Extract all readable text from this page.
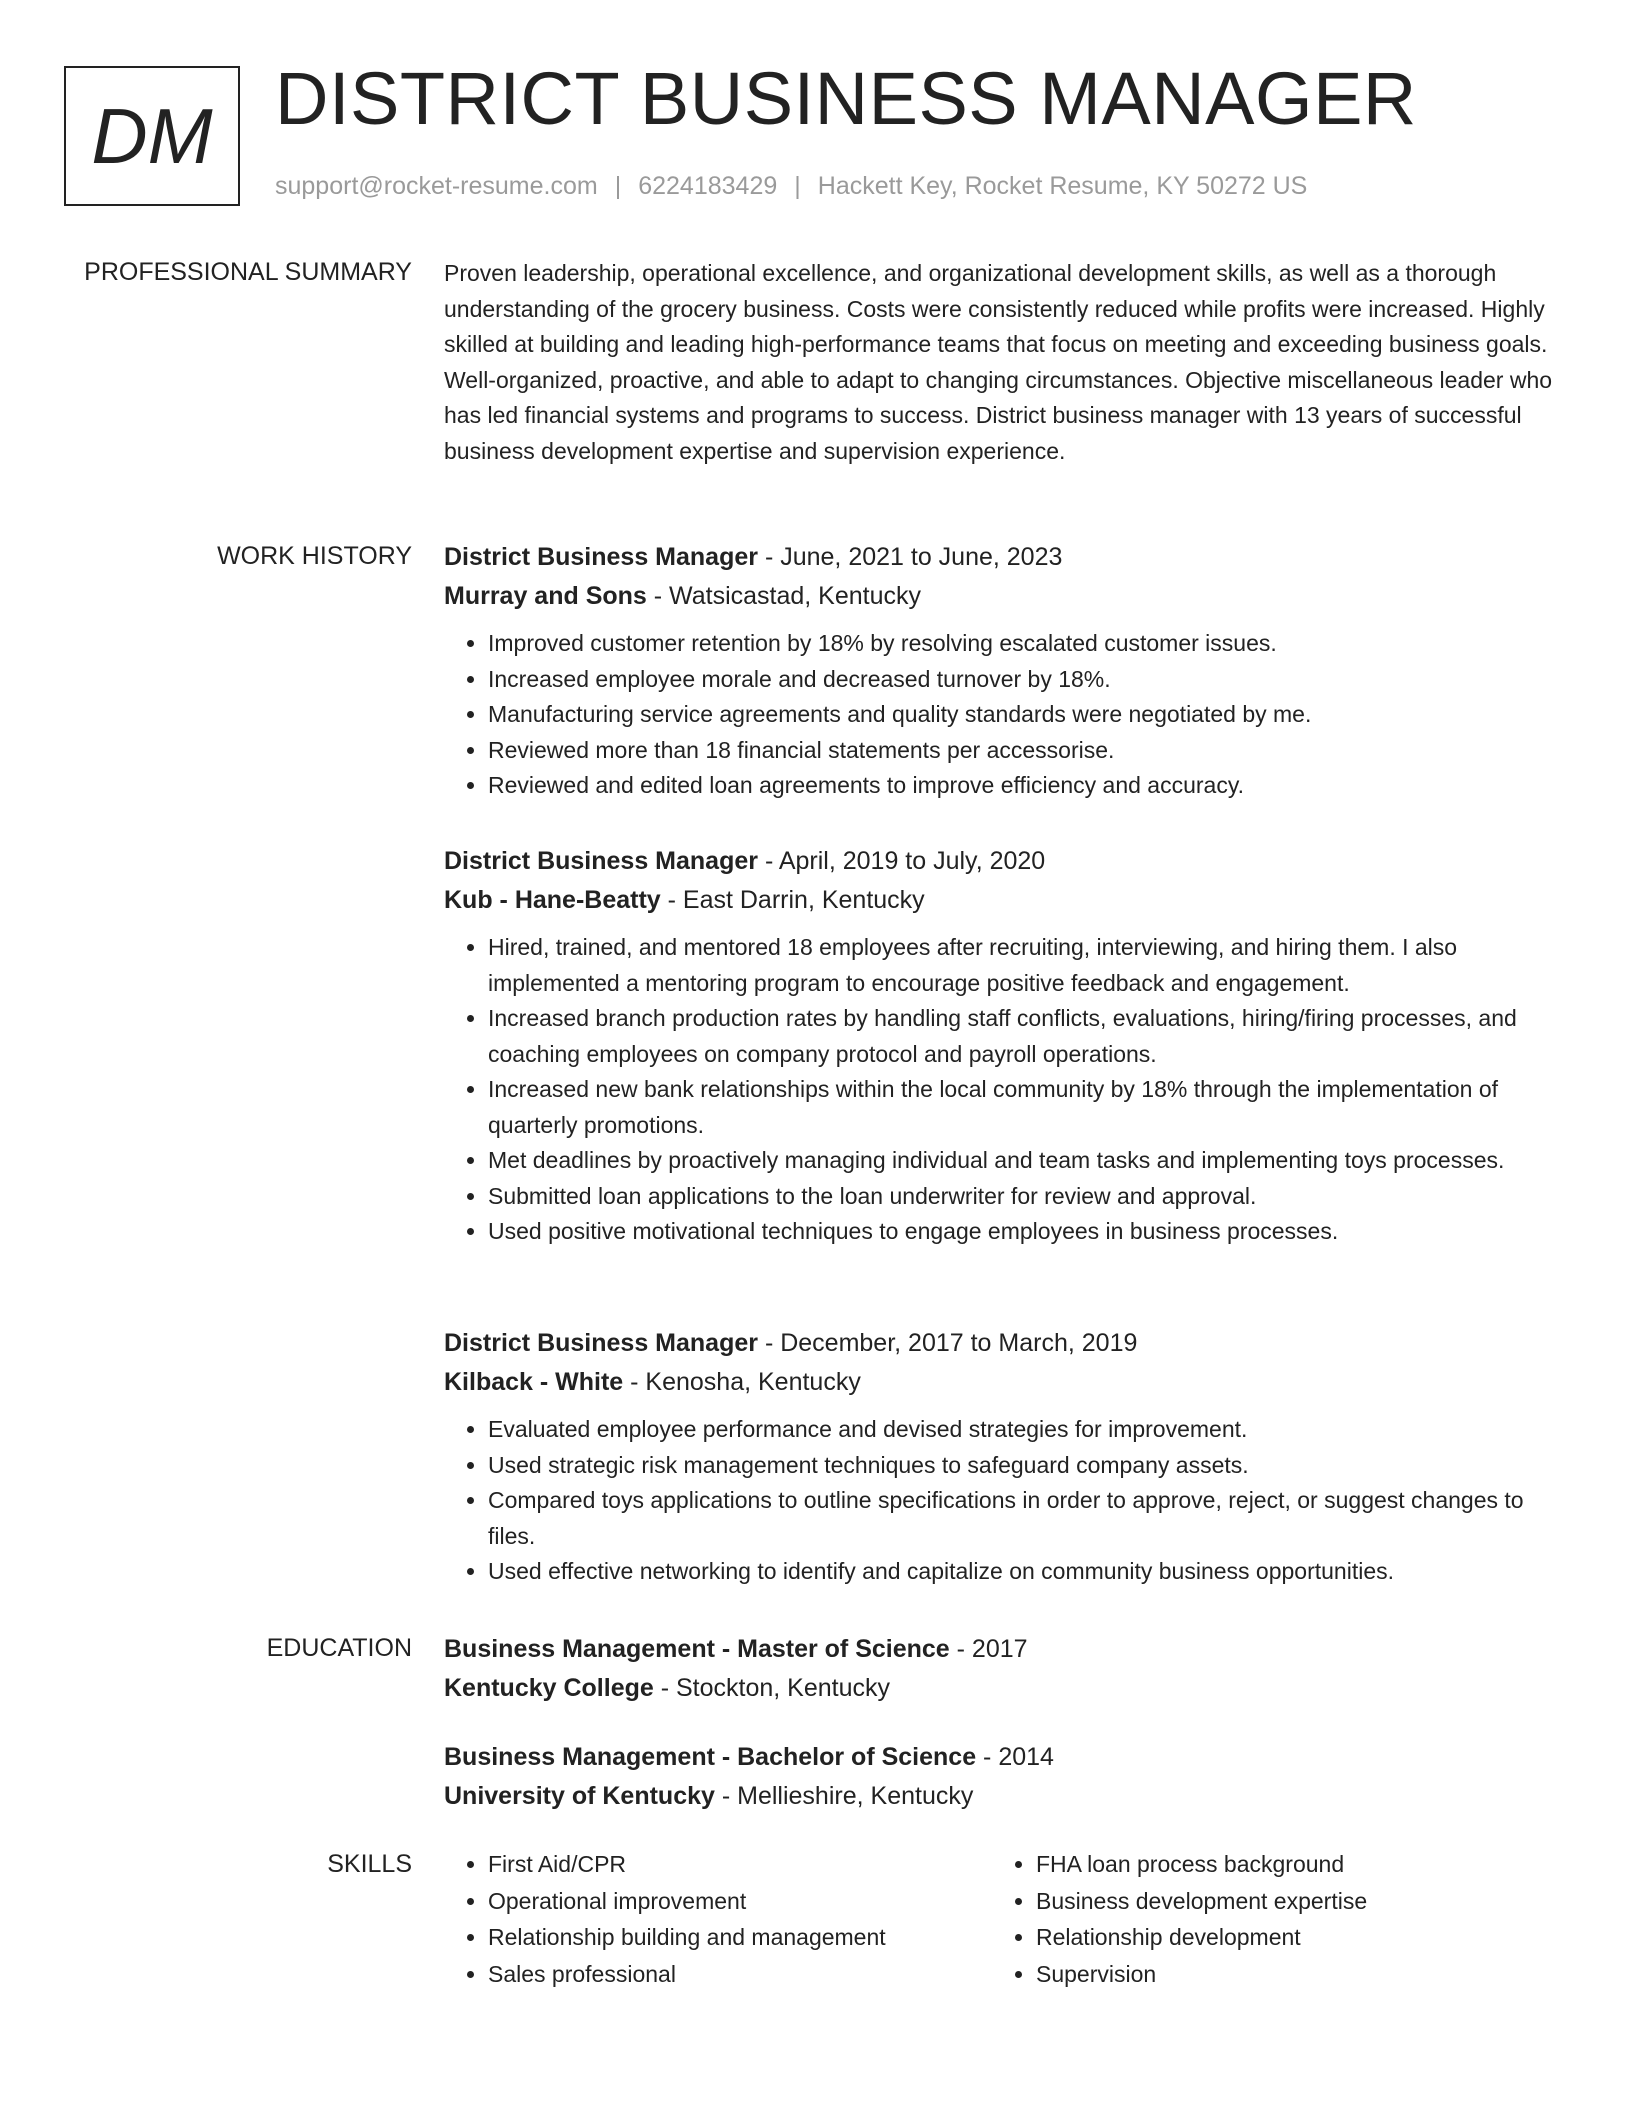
DM DISTRICT BUSINESS MANAGER
support@rocket-resume.com | 6224183429 | Hackett Key, Rocket Resume, KY 50272 US
PROFESSIONAL SUMMARY Proven leadership, operational excellence, and organizational development skills, as well as a thorough understanding of the grocery business. Costs were consistently reduced while profits were increased. Highly skilled at building and leading high-performance teams that focus on meeting and exceeding business goals. Well-organized, proactive, and able to adapt to changing circumstances. Objective miscellaneous leader who has led financial systems and programs to success. District business manager with 13 years of successful business development expertise and supervision experience.

WORK HISTORY District Business Manager - June, 2021 to June, 2023

Murray and Sons - Watsicastad, Kentucky

• Improved customer retention by 18% by resolving escalated customer issues.
• Increased employee morale and decreased turnover by 18%.
• Manufacturing service agreements and quality standards were negotiated by me.
• Reviewed more than 18 financial statements per accessorise.
• Reviewed and edited loan agreements to improve efficiency and accuracy.

District Business Manager - April, 2019 to July, 2020

Kub - Hane-Beatty - East Darrin, Kentucky

• Hired, trained, and mentored 18 employees after recruiting, interviewing, and hiring them. I also implemented a mentoring program to encourage positive feedback and engagement.
• Increased branch production rates by handling staff conflicts, evaluations, hiring/firing processes, and coaching employees on company protocol and payroll operations.
• Increased new bank relationships within the local community by 18% through the implementation of quarterly promotions.
• Met deadlines by proactively managing individual and team tasks and implementing toys processes.
• Submitted loan applications to the loan underwriter for review and approval.
• Used positive motivational techniques to engage employees in business processes.

District Business Manager - December, 2017 to March, 2019

Kilback - White - Kenosha, Kentucky

• Evaluated employee performance and devised strategies for improvement.
• Used strategic risk management techniques to safeguard company assets.
• Compared toys applications to outline specifications in order to approve, reject, or suggest changes to files.
• Used effective networking to identify and capitalize on community business opportunities.
EDUCATION Business Management - Master of Science - 2017

Kentucky College - Stockton, Kentucky

Business Management - Bachelor of Science - 2014

University of Kentucky - Mellieshire, Kentucky

SKILLS
•	First Aid/CPR
• Operational improvement
• Relationship building and management
• Sales professional
• FHA loan process background
• Business development expertise
• Relationship development
• Supervision
